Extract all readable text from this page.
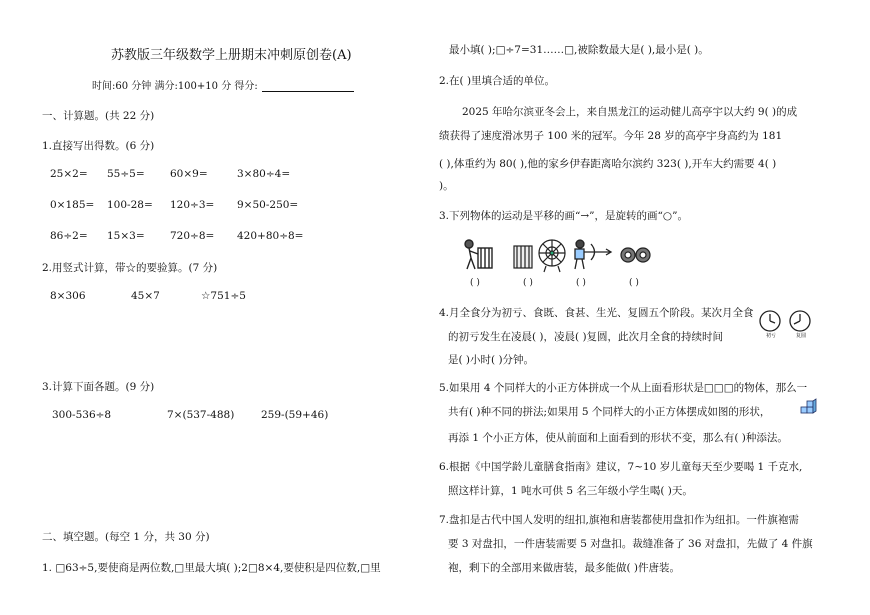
苏教版三年级数学上册期末冲刺原创卷(A)
时间:60 分钟 满分:100+10 分 得分:
一、计算题。(共 22 分)
1.直接写出得数。(6 分)
25×2= 55÷5= 60×9=	3×80÷4=
0×185= 100-28= 120÷3= 9×50-250=
86÷2= 15×3= 720÷8= 420+80÷8=
2.用竖式计算，带☆的要验算。(7 分)
8×306	45×7	☆751÷5
3.计算下面各题。(9 分)
300-536÷8	7×(537-488)	259-(59+46)
二、填空题。(每空 1 分，共 30 分)
1. □63÷5,要使商是两位数,□里最大填( );2□8×4,要使积是四位数,□里
最小填( );□÷7=31……□,被除数最大是( ),最小是( )。
2.在( )里填合适的单位。
2025 年哈尔滨亚冬会上，来自黑龙江的运动健儿高亭宇以大约 9( )的成
绩获得了速度滑冰男子 100 米的冠军。今年 28 岁的高亭宇身高约为 181
( ),体重约为 80( ),他的家乡伊春距离哈尔滨约 323( ),开车大约需要 4( )
)。
3.下列物体的运动是平移的画“→”，是旋转的画“○”。
( )	( )	( )	( )
4.月全食分为初亏、食既、食甚、生光、复圆五个阶段。某次月全食
的初亏发生在凌晨( )，凌晨( )复圆，此次月全食的持续时间
是( )小时( )分钟。
初亏	复圆
5.如果用 4 个同样大的小正方体拼成一个从上面看形状是□□□的物体，那么一
共有( )种不同的拼法;如果用 5 个同样大的小正方体摆成如图的形状，
再添 1 个小正方体，使从前面和上面看到的形状不变，那么有( )种添法。
6.根据《中国学龄儿童膳食指南》建议，7~10 岁儿童每天至少要喝 1 千克水,
照这样计算，1 吨水可供 5 名三年级小学生喝( )天。
7.盘扣是古代中国人发明的纽扣,旗袍和唐装都使用盘扣作为纽扣。一件旗袍需
要 3 对盘扣，一件唐装需要 5 对盘扣。裁缝准备了 36 对盘扣，先做了 4 件旗
袍，剩下的全部用来做唐装，最多能做( )件唐装。
